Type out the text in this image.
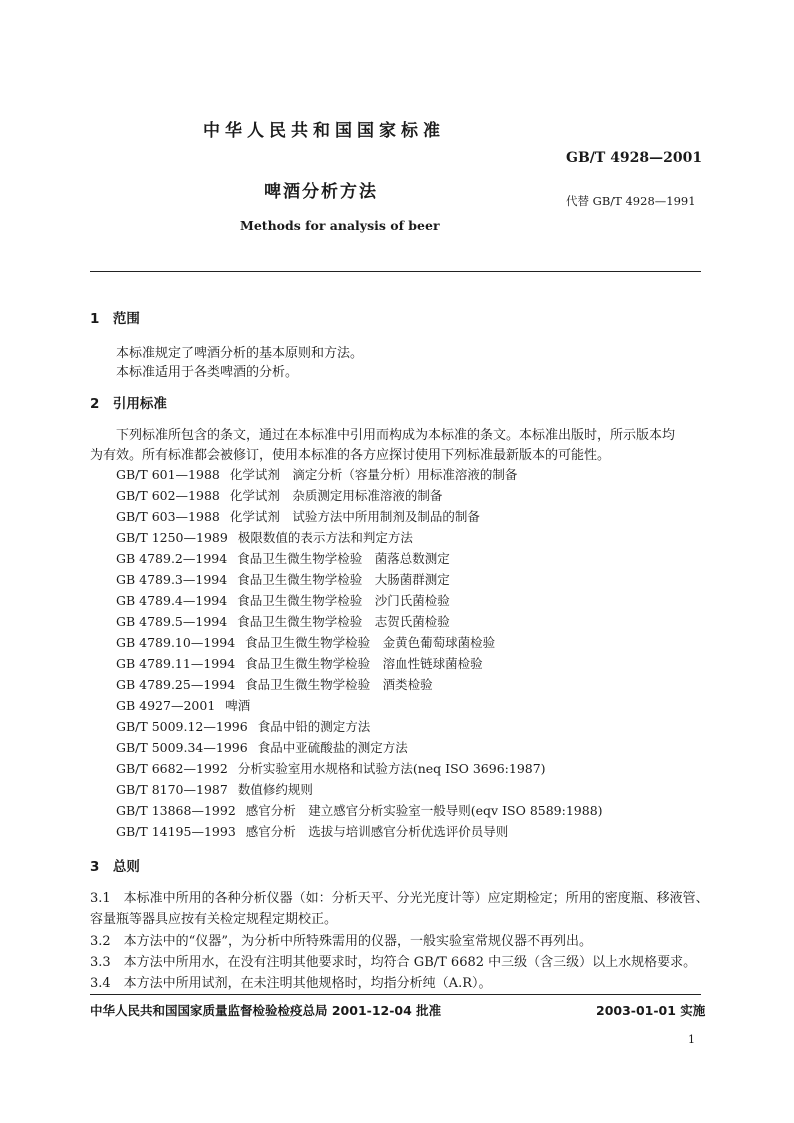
中华人民共和国国家标准
GB/T 4928—2001
啤酒分析方法	代替 GB/T 4928—1991
Methods for analysis of beer
1　范围
本标准规定了啤酒分析的基本原则和方法。
本标准适用于各类啤酒的分析。
2　引用标准
下列标准所包含的条文，通过在本标准中引用而构成为本标准的条文。本标准出版时，所示版本均
为有效。所有标准都会被修订，使用本标准的各方应探讨使用下列标准最新版本的可能性。
GB/T 601—1988 化学试剂　滴定分析（容量分析）用标准溶液的制备
GB/T 602—1988 化学试剂　杂质测定用标准溶液的制备
GB/T 603—1988 化学试剂　试验方法中所用制剂及制品的制备
GB/T 1250—1989 极限数值的表示方法和判定方法
GB 4789.2—1994 食品卫生微生物学检验　菌落总数测定
GB 4789.3—1994 食品卫生微生物学检验　大肠菌群测定
GB 4789.4—1994 食品卫生微生物学检验　沙门氏菌检验
GB 4789.5—1994 食品卫生微生物学检验　志贺氏菌检验
GB 4789.10—1994 食品卫生微生物学检验　金黄色葡萄球菌检验
GB 4789.11—1994 食品卫生微生物学检验　溶血性链球菌检验
GB 4789.25—1994 食品卫生微生物学检验　酒类检验
GB 4927—2001 啤酒
GB/T 5009.12—1996 食品中铅的测定方法
GB/T 5009.34—1996 食品中亚硫酸盐的测定方法
GB/T 6682—1992 分析实验室用水规格和试验方法(neq ISO 3696:1987)
GB/T 8170—1987 数值修约规则
GB/T 13868—1992 感官分析　建立感官分析实验室一般导则(eqv ISO 8589:1988)
GB/T 14195—1993 感官分析　选拔与培训感官分析优选评价员导则
3　总则
3.1　本标准中所用的各种分析仪器（如：分析天平、分光光度计等）应定期检定；所用的密度瓶、移液管、
容量瓶等器具应按有关检定规程定期校正。
3.2　本方法中的“仪器”，为分析中所特殊需用的仪器，一般实验室常规仪器不再列出。
3.3　本方法中所用水，在没有注明其他要求时，均符合 GB/T 6682 中三级（含三级）以上水规格要求。
3.4　本方法中所用试剂，在未注明其他规格时，均指分析纯（A.R）。
中华人民共和国国家质量监督检验检疫总局 2001-12-04 批准	2003-01-01 实施
1
